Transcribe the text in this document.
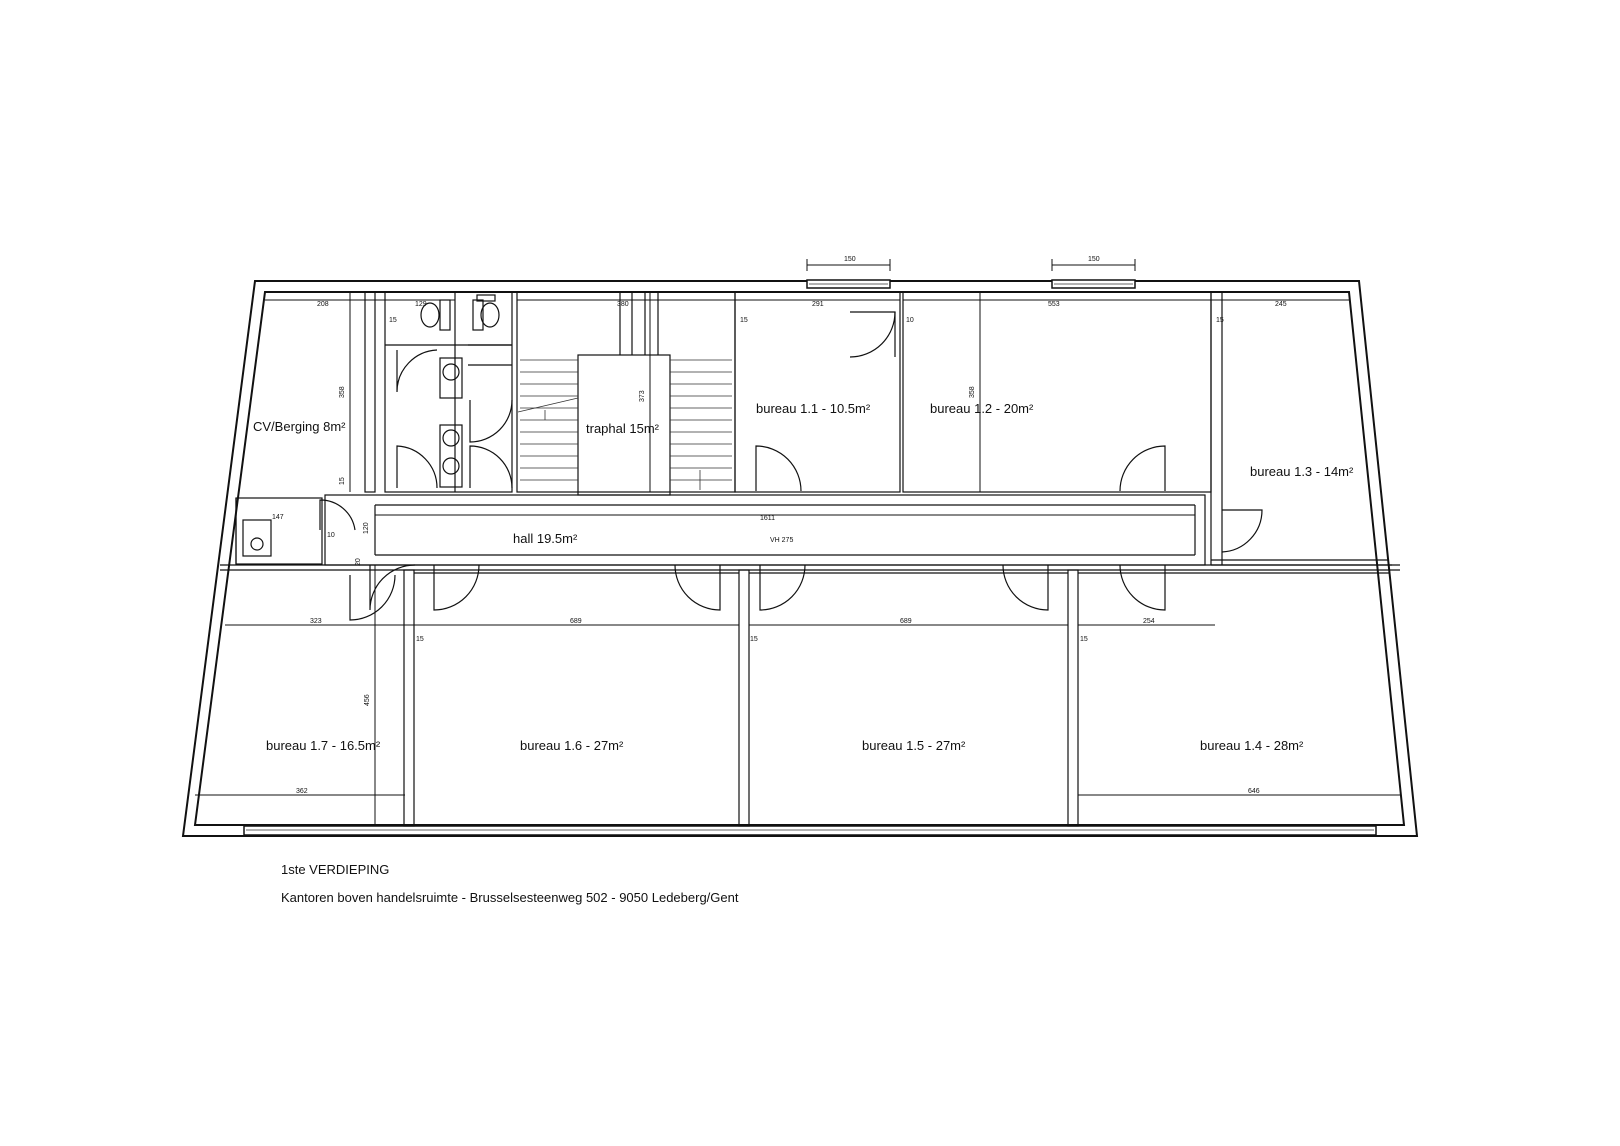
CV/Berging 8m²	traphal 15m²
bureau 1.1 - 10.5m²	bureau 1.2 - 20m²
bureau 1.3 - 14m²
hall 19.5m²
bureau 1.7 - 16.5m²	bureau 1.6 - 27m²	bureau 1.5 - 27m²	bureau 1.4 - 28m²
150	150
208	129	380	291	553	245
358	373	358
456
1611
VH 275
323	689	689	254
362	646
15	15	10	15
15	15	15
15
10
147
120
20
1ste VERDIEPING
Kantoren boven handelsruimte - Brusselsesteenweg 502 - 9050 Ledeberg/Gent
